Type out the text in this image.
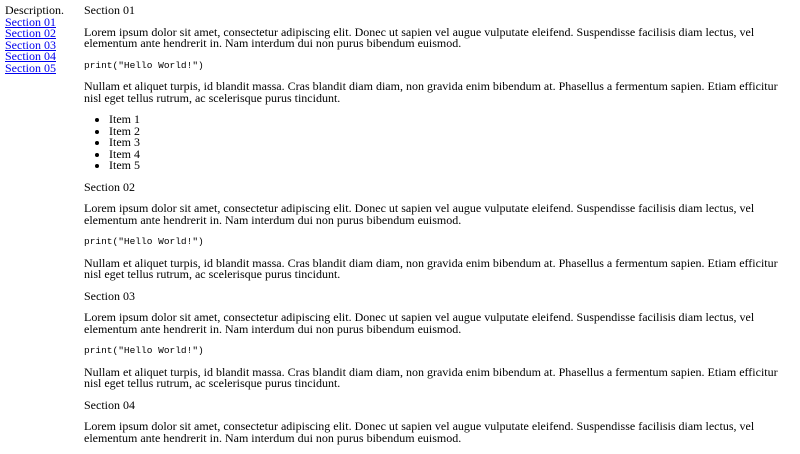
Description.
Section 01
Section 02
Section 03
Section 04
Section 05
Section 01

Lorem ipsum dolor sit amet, consectetur adipiscing elit. Donec ut sapien vel augue vulputate eleifend. Suspendisse facilisis diam lectus, vel elementum ante hendrerit in. Nam interdum dui non purus bibendum euismod.

print("Hello World!")

Nullam et aliquet turpis, id blandit massa. Cras blandit diam diam, non gravida enim bibendum at. Phasellus a fermentum sapien. Etiam efficitur nisl eget tellus rutrum, ac scelerisque purus tincidunt.

• Item 1
• Item 2
• Item 3
• Item 4
• Item 5
Section 02

Lorem ipsum dolor sit amet, consectetur adipiscing elit. Donec ut sapien vel augue vulputate eleifend. Suspendisse facilisis diam lectus, vel elementum ante hendrerit in. Nam interdum dui non purus bibendum euismod.

print("Hello World!")

Nullam et aliquet turpis, id blandit massa. Cras blandit diam diam, non gravida enim bibendum at. Phasellus a fermentum sapien. Etiam efficitur nisl eget tellus rutrum, ac scelerisque purus tincidunt.

Section 03

Lorem ipsum dolor sit amet, consectetur adipiscing elit. Donec ut sapien vel augue vulputate eleifend. Suspendisse facilisis diam lectus, vel elementum ante hendrerit in. Nam interdum dui non purus bibendum euismod.

print("Hello World!")

Nullam et aliquet turpis, id blandit massa. Cras blandit diam diam, non gravida enim bibendum at. Phasellus a fermentum sapien. Etiam efficitur nisl eget tellus rutrum, ac scelerisque purus tincidunt.

Section 04

Lorem ipsum dolor sit amet, consectetur adipiscing elit. Donec ut sapien vel augue vulputate eleifend. Suspendisse facilisis diam lectus, vel elementum ante hendrerit in. Nam interdum dui non purus bibendum euismod.
